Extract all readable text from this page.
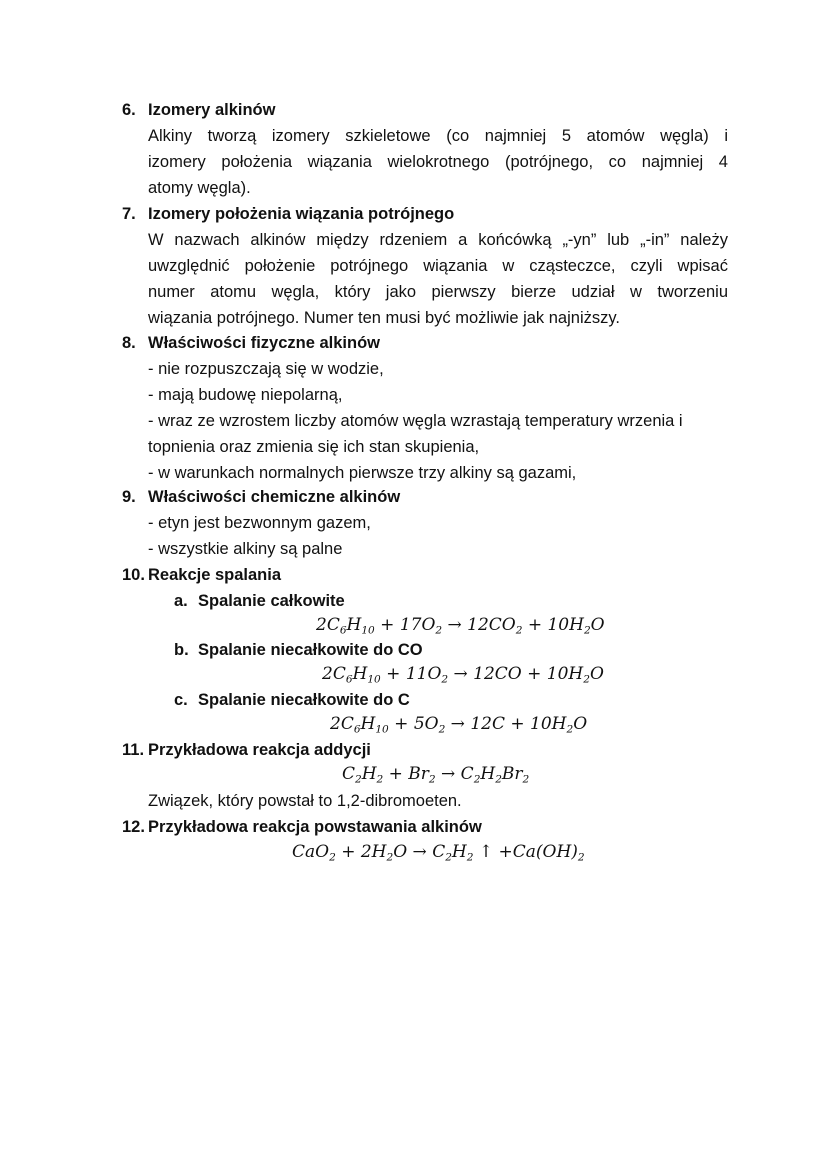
6. Izomery alkinów
Alkiny tworzą izomery szkieletowe (co najmniej 5 atomów węgla) i
izomery położenia wiązania wielokrotnego (potrójnego, co najmniej 4
atomy węgla).
7. Izomery położenia wiązania potrójnego
W nazwach alkinów między rdzeniem a końcówką „-yn” lub „-in” należy
uwzględnić położenie potrójnego wiązania w cząsteczce, czyli wpisać
numer atomu węgla, który jako pierwszy bierze udział w tworzeniu
wiązania potrójnego. Numer ten musi być możliwie jak najniższy.
8. Właściwości fizyczne alkinów
- nie rozpuszczają się w wodzie,
- mają budowę niepolarną,
- wraz ze wzrostem liczby atomów węgla wzrastają temperatury wrzenia i
topnienia oraz zmienia się ich stan skupienia,
- w warunkach normalnych pierwsze trzy alkiny są gazami,
9. Właściwości chemiczne alkinów
- etyn jest bezwonnym gazem,
- wszystkie alkiny są palne
10. Reakcje spalania
a. Spalanie całkowite
$2C_6H_{10} + 17O_2 \to 12CO_2 + 10H_2O$
b. Spalanie niecałkowite do CO
$2C_6H_{10} + 11O_2 \to 12CO + 10H_2O$
c. Spalanie niecałkowite do C
$2C_6H_{10} + 5O_2 \to 12C + 10H_2O$
11. Przykładowa reakcja addycji
$C_2H_2 + Br_2 \to C_2H_2Br_2$
Związek, który powstał to 1,2-dibromoeten.
12. Przykładowa reakcja powstawania alkinów
$CaO_2 + 2H_2O \to C_2H_2$ ↑ $+Ca(OH)_2$
